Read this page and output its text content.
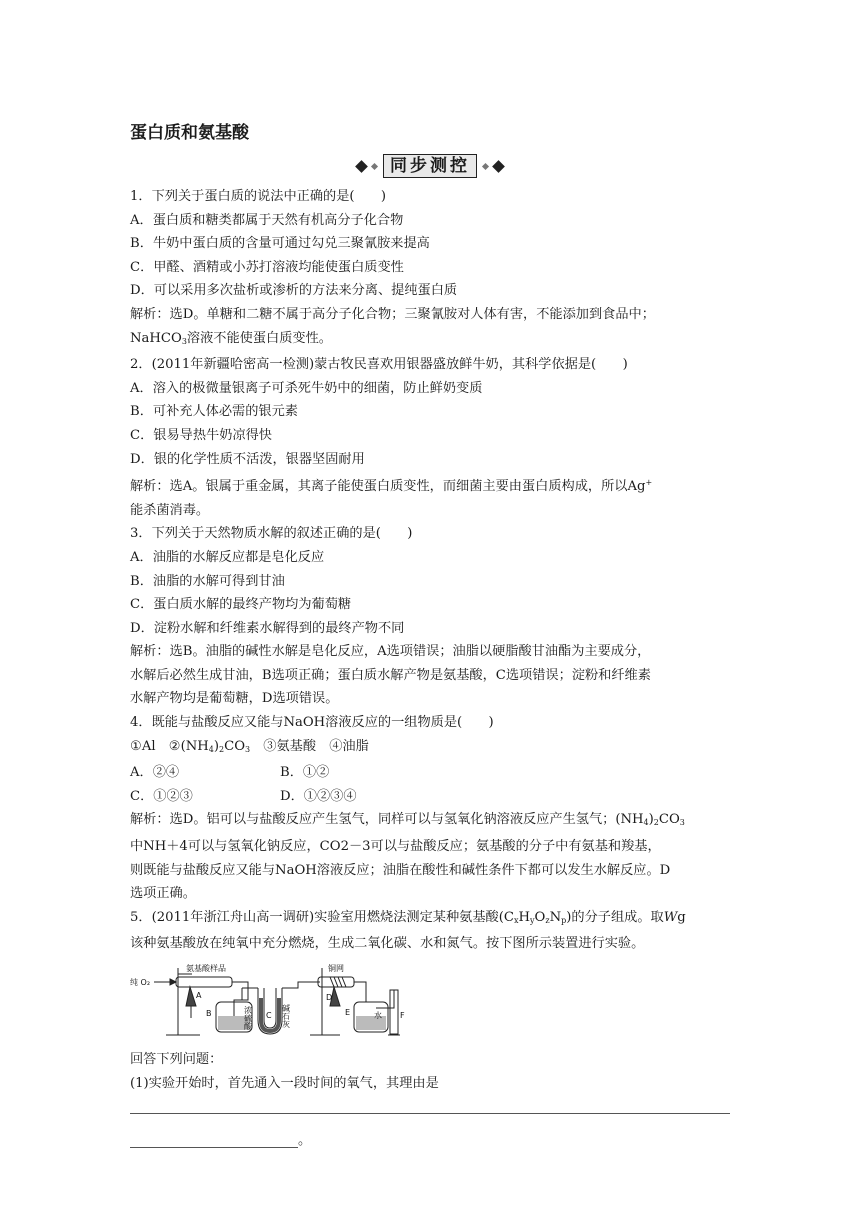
蛋白质和氨基酸
同步测控
1．下列关于蛋白质的说法中正确的是(　　)
A．蛋白质和糖类都属于天然有机高分子化合物
B．牛奶中蛋白质的含量可通过勾兑三聚氰胺来提高
C．甲醛、酒精或小苏打溶液均能使蛋白质变性
D．可以采用多次盐析或渗析的方法来分离、提纯蛋白质
解析：选D。单糖和二糖不属于高分子化合物；三聚氰胺对人体有害，不能添加到食品中；
NaHCO$_3$溶液不能使蛋白质变性。
2．(2011年新疆哈密高一检测)蒙古牧民喜欢用银器盛放鲜牛奶，其科学依据是(　　)
A．溶入的极微量银离子可杀死牛奶中的细菌，防止鲜奶变质
B．可补充人体必需的银元素
C．银易导热牛奶凉得快
D．银的化学性质不活泼，银器坚固耐用
解析：选A。银属于重金属，其离子能使蛋白质变性，而细菌主要由蛋白质构成，所以Ag+
能杀菌消毒。
3．下列关于天然物质水解的叙述正确的是(　　)
A．油脂的水解反应都是皂化反应
B．油脂的水解可得到甘油
C．蛋白质水解的最终产物均为葡萄糖
D．淀粉水解和纤维素水解得到的最终产物不同
解析：选B。油脂的碱性水解是皂化反应，A选项错误；油脂以硬脂酸甘油酯为主要成分，
水解后必然生成甘油，B选项正确；蛋白质水解产物是氨基酸，C选项错误；淀粉和纤维素
水解产物均是葡萄糖，D选项错误。
4．既能与盐酸反应又能与NaOH溶液反应的一组物质是(　　)
①Al　$②(NH_4)_2CO_3$　③氨基酸　④油脂
A．②④	B．①②
C．①②③	D．①②③④
解析：选D。铝可以与盐酸反应产生氢气，同样可以与氢氧化钠溶液反应产生氢气；$(NH_4)_2CO_3$
中NH＋4可以与氢氧化钠反应，CO2－3可以与盐酸反应；氨基酸的分子中有氨基和羧基，
则既能与盐酸反应又能与NaOH溶液反应；油脂在酸性和碱性条件下都可以发生水解反应。D
选项正确。
5．(2011年浙江舟山高一调研)实验室用燃烧法测定某种氨基酸$(C_xH_yO_zN_p)$的分子组成。取Wg
该种氨基酸放在纯氧中充分燃烧，生成二氧化碳、水和氮气。按下图所示装置进行实验。
纯 O₂
氨基酸样品
A
B	浓硫酸 C 碱石灰
铜网
D
E	水 F
回答下列问题：
(1)实验开始时，首先通入一段时间的氧气，其理由是
。
